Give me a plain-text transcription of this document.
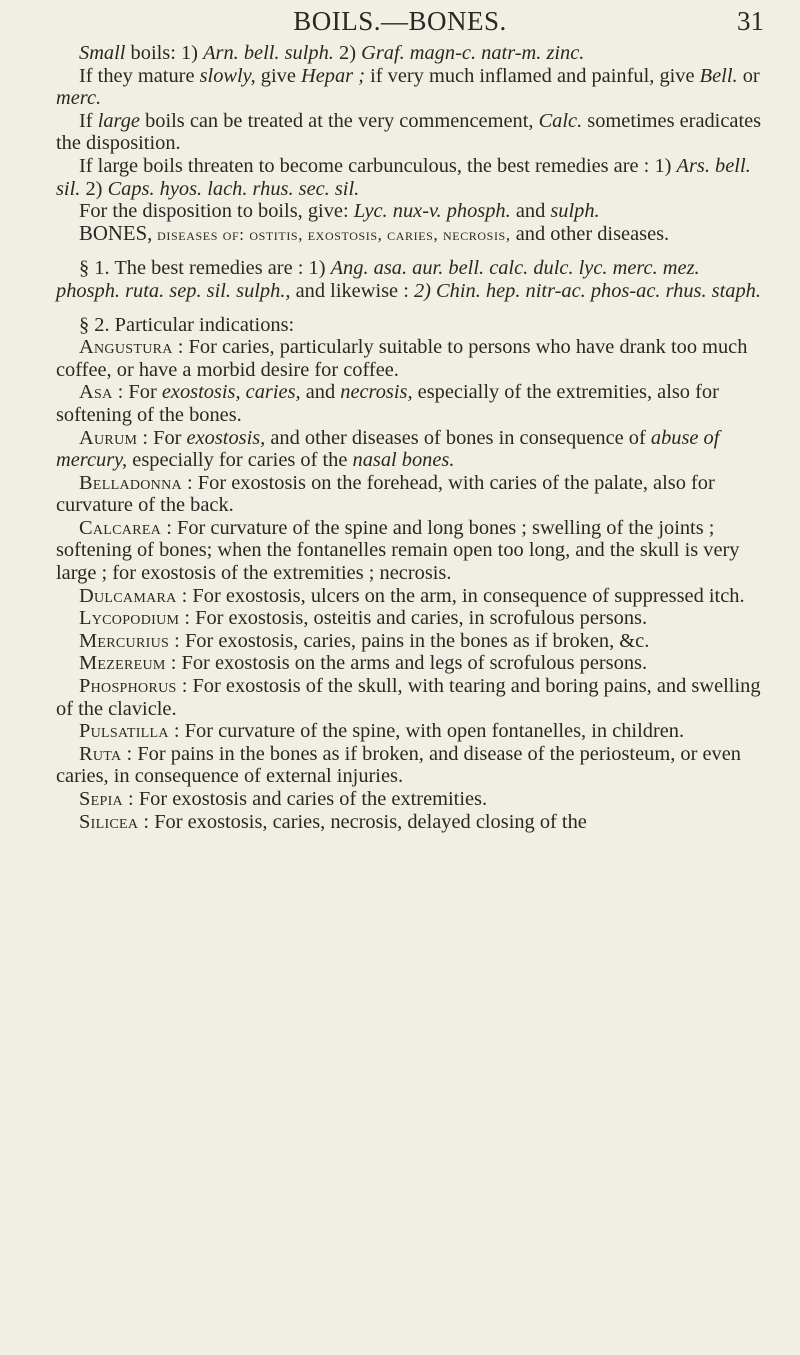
BOILS.—BONES.	31

Small boils: 1) Arn. bell. sulph. 2) Graf. magn-c. natr-m. zinc.

If they mature slowly, give Hepar ; if very much inflamed and painful, give Bell. or merc.

If large boils can be treated at the very commencement, Calc. sometimes eradicates the disposition.

If large boils threaten to become carbunculous, the best remedies are : 1) Ars. bell. sil. 2) Caps. hyos. lach. rhus. sec. sil.

For the disposition to boils, give: Lyc. nux-v. phosph. and sulph.

BONES, diseases of: ostitis, exostosis, caries, necrosis, and other diseases.

§ 1. The best remedies are : 1) Ang. asa. aur. bell. calc. dulc. lyc. merc. mez. phosph. ruta. sep. sil. sulph., and likewise : 2) Chin. hep. nitr-ac. phos-ac. rhus. staph.

§ 2. Particular indications:

Angustura : For caries, particularly suitable to persons who have drank too much coffee, or have a morbid desire for coffee.

Asa : For exostosis, caries, and necrosis, especially of the extremities, also for softening of the bones.

Aurum : For exostosis, and other diseases of bones in consequence of abuse of mercury, especially for caries of the nasal bones.

Belladonna : For exostosis on the forehead, with caries of the palate, also for curvature of the back.

Calcarea : For curvature of the spine and long bones ; swelling of the joints ; softening of bones; when the fontanelles remain open too long, and the skull is very large ; for exostosis of the extremities ; necrosis.

Dulcamara : For exostosis, ulcers on the arm, in consequence of suppressed itch.

Lycopodium : For exostosis, osteitis and caries, in scrofulous persons.

Mercurius : For exostosis, caries, pains in the bones as if broken, &c.

Mezereum : For exostosis on the arms and legs of scrofulous persons.

Phosphorus : For exostosis of the skull, with tearing and boring pains, and swelling of the clavicle.

Pulsatilla : For curvature of the spine, with open fontanelles, in children.

Ruta : For pains in the bones as if broken, and disease of the periosteum, or even caries, in consequence of external injuries.

Sepia : For exostosis and caries of the extremities.

Silicea : For exostosis, caries, necrosis, delayed closing of the
